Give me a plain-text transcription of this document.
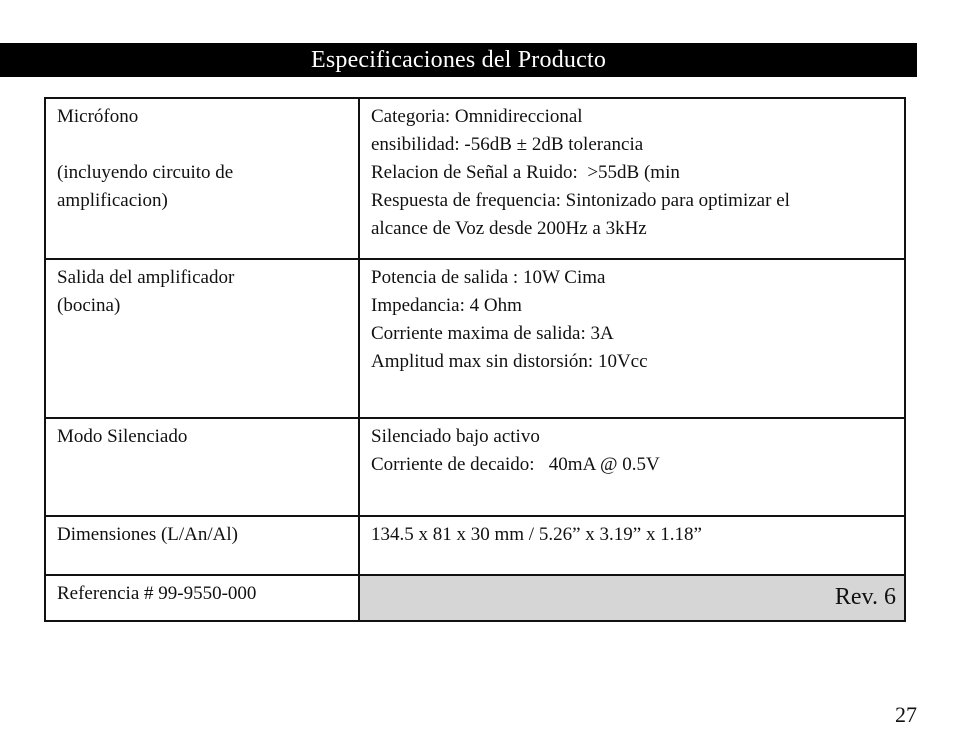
Especificaciones del Producto
Micrófono
(incluyendo circuito de
amplificacion)	Categoria: Omnidireccional
ensibilidad: -56dB ± 2dB tolerancia
Relacion de Señal a Ruido:  >55dB (min
Respuesta de frequencia: Sintonizado para optimizar el
alcance de Voz desde 200Hz a 3kHz

Salida del amplificador
(bocina)	Potencia de salida : 10W Cima
Impedancia: 4 Ohm
Corriente maxima de salida: 3A
Amplitud max sin distorsión: 10Vcc

Modo Silenciado	Silenciado bajo activo
Corriente de decaido:   40mA @ 0.5V

Dimensiones (L/An/Al)	134.5 x 81 x 30 mm / 5.26” x 3.19” x 1.18”

Referencia # 99-9550-000	Rev. 6
27
